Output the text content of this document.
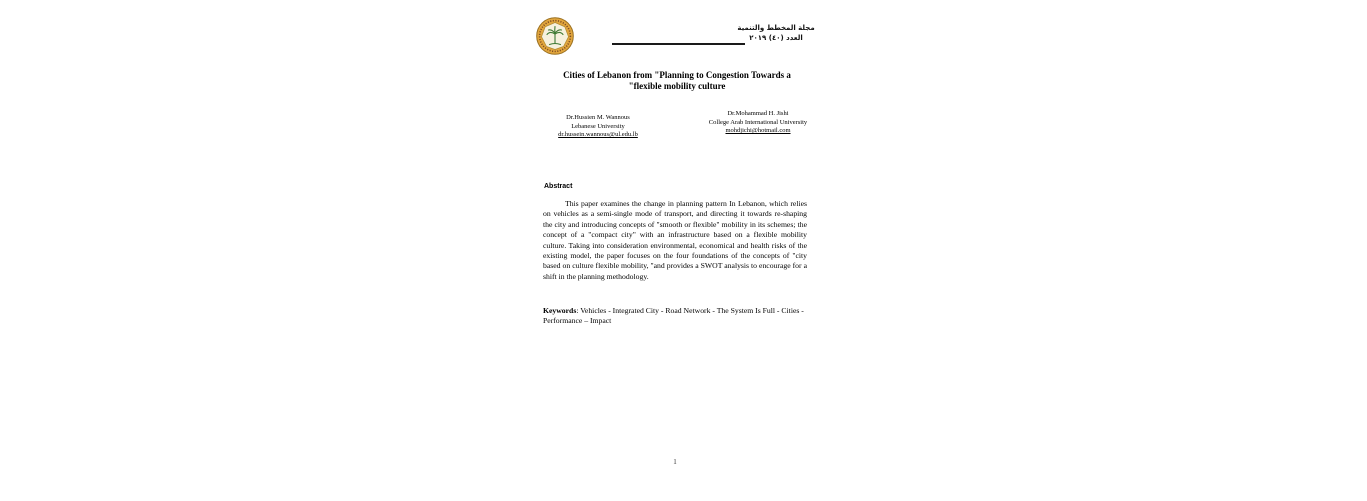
مجلة المخطط والتنمية
العدد (٤٠) ٢٠١٩
Cities of Lebanon from "Planning to Congestion Towards a
"flexible mobility culture
Dr.Hussien M. Wannous
Lebanese University
dr.hussein.wannous@ul.edu.lb
Dr.Mohammad H. Jishi
College Arab International University
mohdjichi@hotmail.com
Abstract

This paper examines the change in planning pattern In Lebanon, which relies on vehicles as a semi-single mode of transport, and directing it towards re-shaping the city and introducing concepts of "smooth or flexible" mobility in its schemes; the concept of a "compact city" with an infrastructure based on a flexible mobility culture. Taking into consideration environmental, economical and health risks of the existing model, the paper focuses on the four foundations of the concepts of "city based on culture flexible mobility, "and provides a SWOT analysis to encourage for a shift in the planning methodology.

Keywords: Vehicles - Integrated City - Road Network - The System Is Full - Cities - Performance – Impact
1
